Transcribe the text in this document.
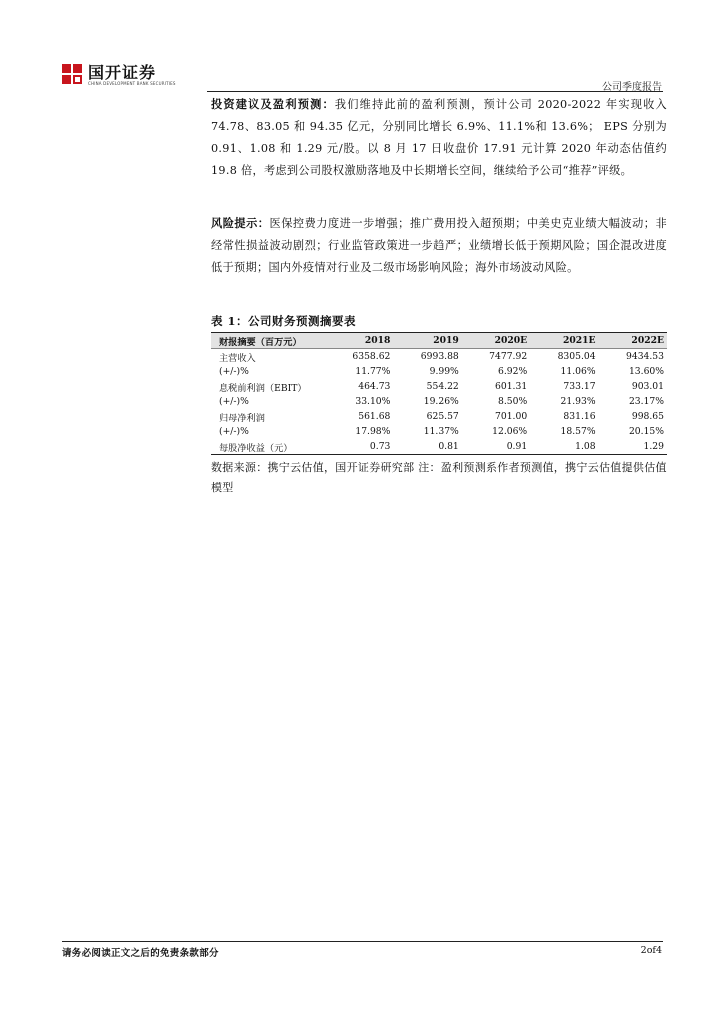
国开证券
CHINA DEVELOPMENT BANK SECURITIES	公司季度报告
投资建议及盈利预测：我们维持此前的盈利预测，预计公司 2020-2022 年实现收入 74.78、83.05 和 94.35 亿元，分别同比增长 6.9%、11.1%和 13.6%； EPS 分别为 0.91、1.08 和 1.29 元/股。以 8 月 17 日收盘价 17.91 元计算 2020 年动态估值约 19.8 倍，考虑到公司股权激励落地及中长期增长空间，继续给予公司“推荐”评级。
风险提示：医保控费力度进一步增强；推广费用投入超预期；中美史克业绩大幅波动；非经常性损益波动剧烈；行业监管政策进一步趋严；业绩增长低于预期风险；国企混改进度低于预期；国内外疫情对行业及二级市场影响风险；海外市场波动风险。
表 1：公司财务预测摘要表
财报摘要（百万元）	2018	2019	2020E	2021E	2022E
主营收入	6358.62	6993.88	7477.92	8305.04	9434.53
(+/-)%	11.77%	9.99%	6.92%	11.06%	13.60%
息税前利润（EBIT）	464.73	554.22	601.31	733.17	903.01
(+/-)%	33.10%	19.26%	8.50%	21.93%	23.17%
归母净利润	561.68	625.57	701.00	831.16	998.65
(+/-)%	17.98%	11.37%	12.06%	18.57%	20.15%
每股净收益（元）	0.73	0.81	0.91	1.08	1.29
数据来源：携宁云估值，国开证券研究部 注：盈利预测系作者预测值，携宁云估值提供估值模型
请务必阅读正文之后的免责条款部分	2of4
